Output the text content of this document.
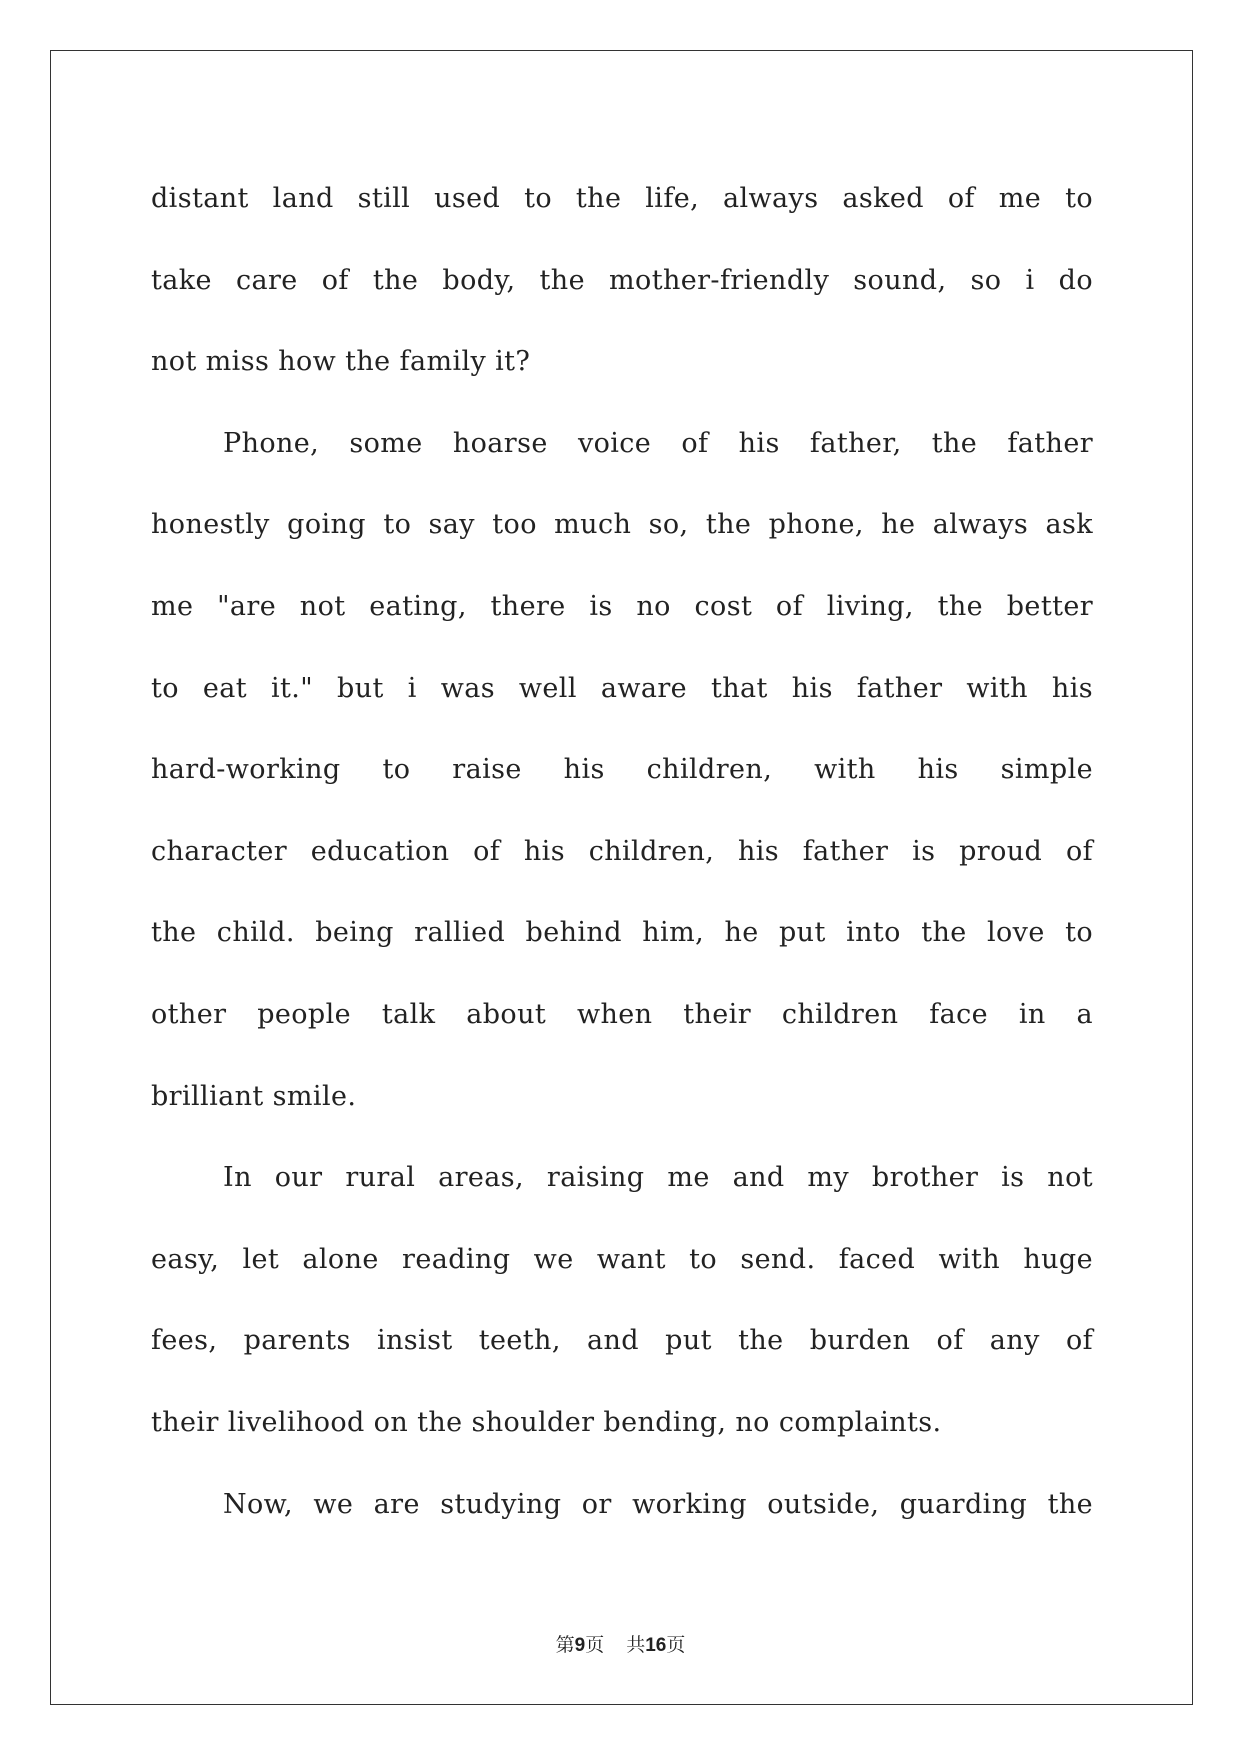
distant land still used to the life, always asked of me to
take care of the body, the mother-friendly sound, so i do
not miss how the family it?
Phone, some hoarse voice of his father, the father
honestly going to say too much so, the phone, he always ask
me "are not eating, there is no cost of living, the better
to eat it." but i was well aware that his father with his
hard-working to raise his children, with his simple
character education of his children, his father is proud of
the child. being rallied behind him, he put into the love to
other people talk about when their children face in a
brilliant smile.
In our rural areas, raising me and my brother is not
easy, let alone reading we want to send. faced with huge
fees, parents insist teeth, and put the burden of any of
their livelihood on the shoulder bending, no complaints.
Now, we are studying or working outside, guarding the
第9页 共16页
